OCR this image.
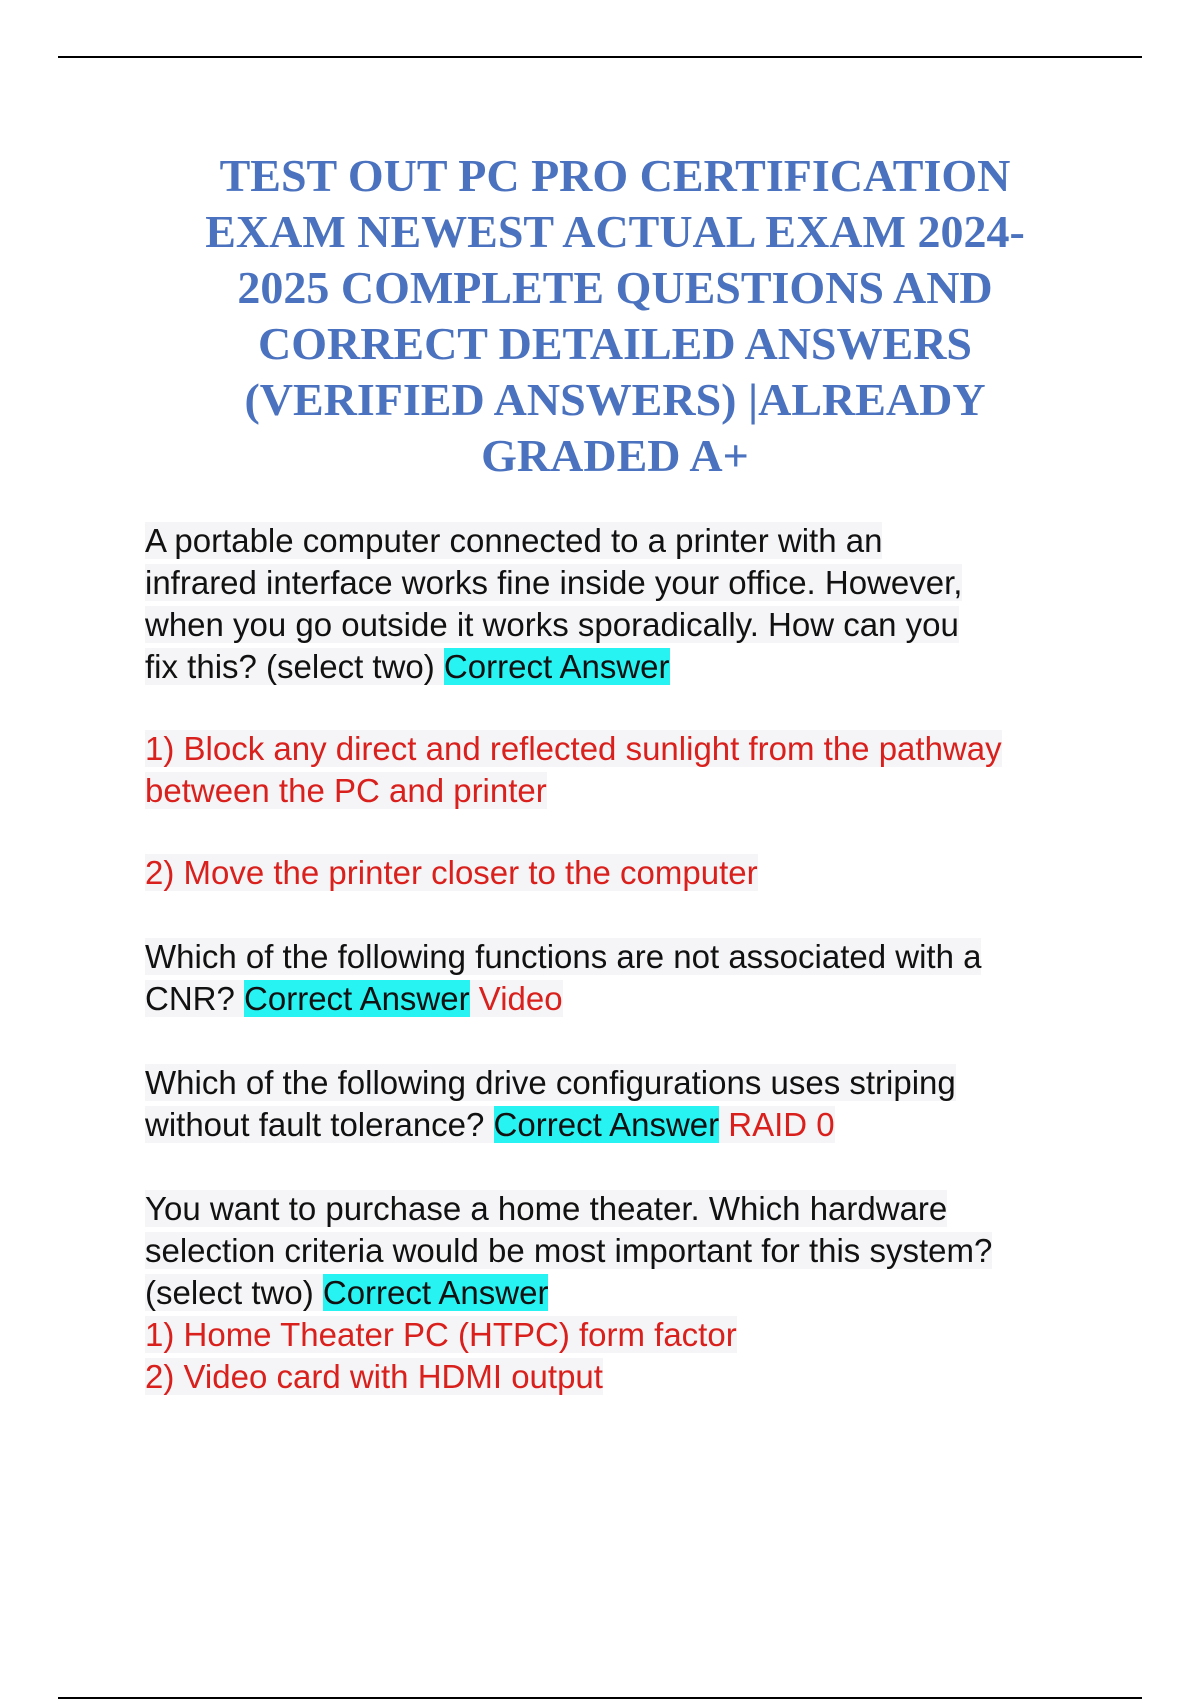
TEST OUT PC PRO CERTIFICATION
EXAM NEWEST ACTUAL EXAM 2024-
2025 COMPLETE QUESTIONS AND
CORRECT DETAILED ANSWERS
(VERIFIED ANSWERS) |ALREADY
GRADED A+
A portable computer connected to a printer with an
infrared interface works fine inside your office. However,
when you go outside it works sporadically. How can you
fix this? (select two) Correct Answer
1) Block any direct and reflected sunlight from the pathway
between the PC and printer
2) Move the printer closer to the computer
Which of the following functions are not associated with a
CNR? Correct Answer Video
Which of the following drive configurations uses striping
without fault tolerance? Correct Answer RAID 0
You want to purchase a home theater. Which hardware
selection criteria would be most important for this system?
(select two) Correct Answer
1) Home Theater PC (HTPC) form factor
2) Video card with HDMI output
